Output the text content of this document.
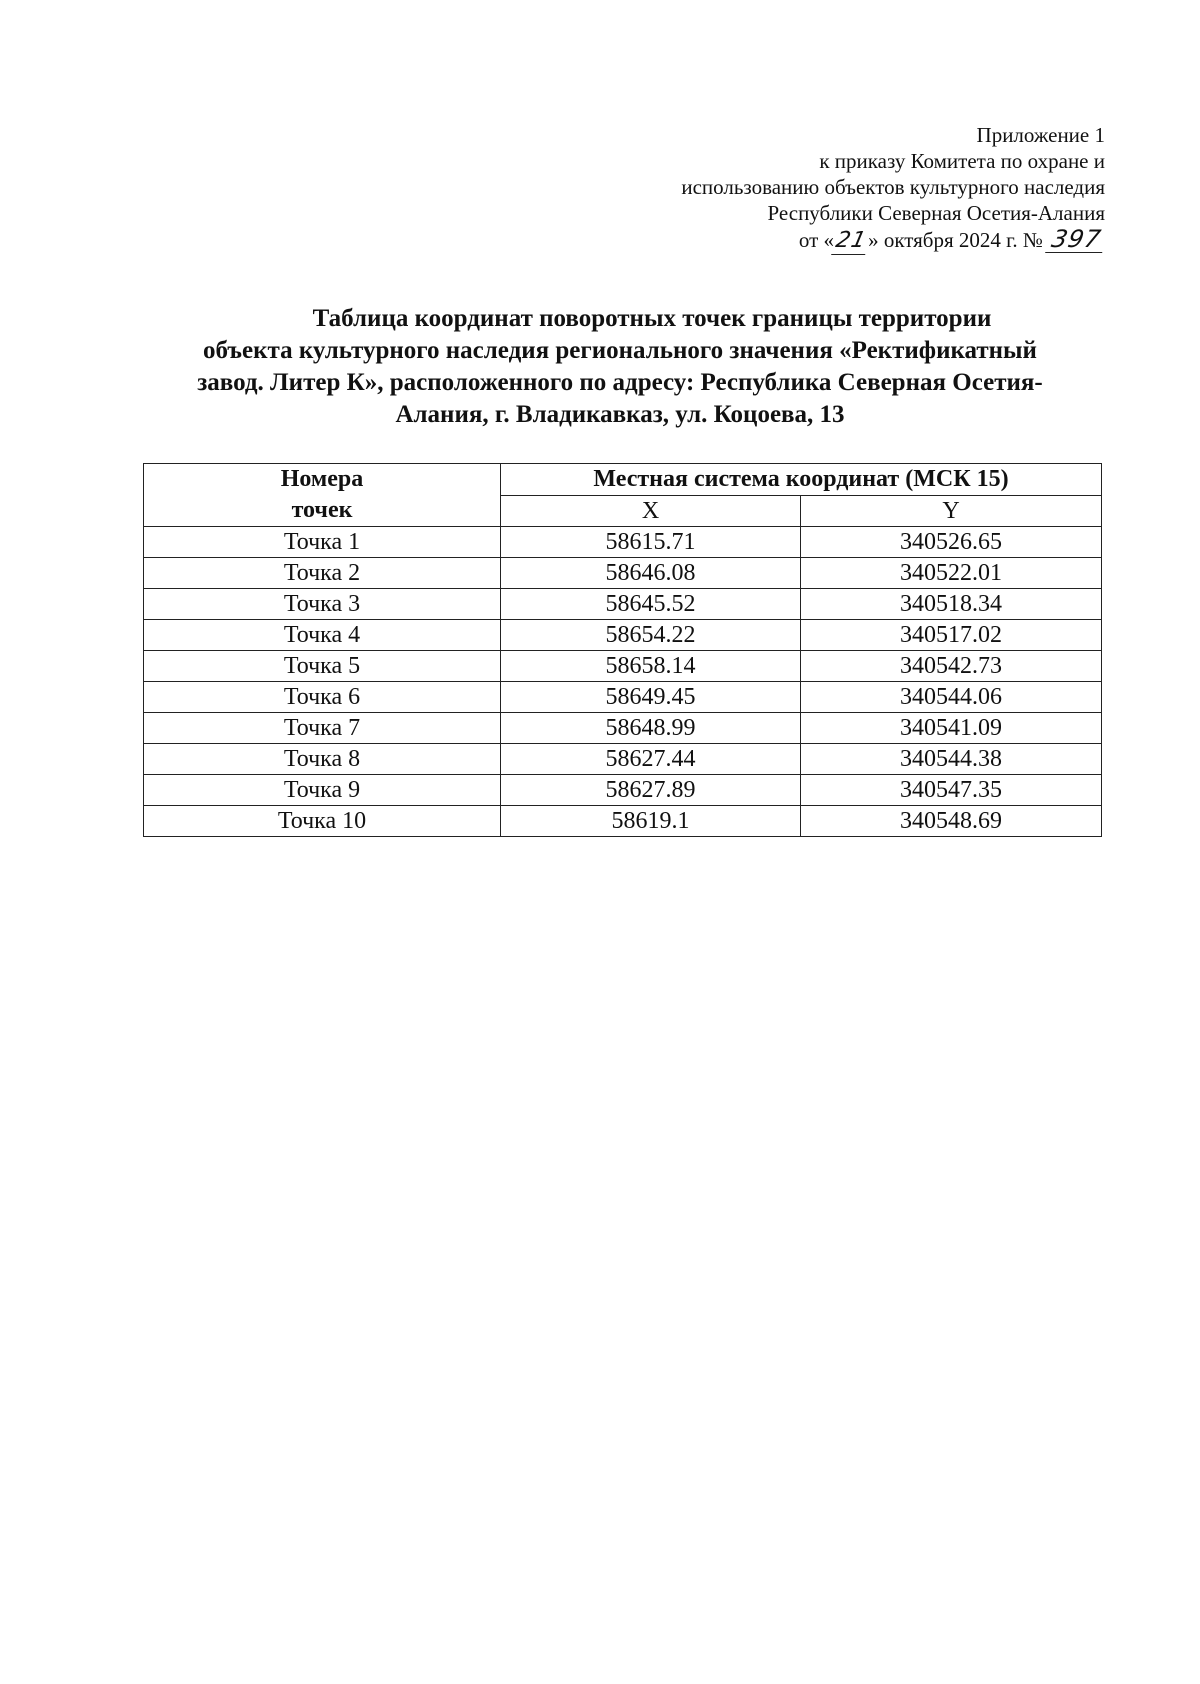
Приложение 1
к приказу Комитета по охране и
использованию объектов культурного наследия
Республики Северная Осетия-Алания
от «21» октября 2024 г. № 397
Таблица координат поворотных точек границы территории
объекта культурного наследия регионального значения «Ректификатный
завод. Литер К», расположенного по адресу: Республика Северная Осетия-
Алания, г. Владикавказ, ул. Коцоева, 13
Номера
точек	Местная система координат (МСК 15)	
	X	Y
Точка 1	58615.71	340526.65
Точка 2	58646.08	340522.01
Точка 3	58645.52	340518.34
Точка 4	58654.22	340517.02
Точка 5	58658.14	340542.73
Точка 6	58649.45	340544.06
Точка 7	58648.99	340541.09
Точка 8	58627.44	340544.38
Точка 9	58627.89	340547.35
Точка 10	58619.1	340548.69
